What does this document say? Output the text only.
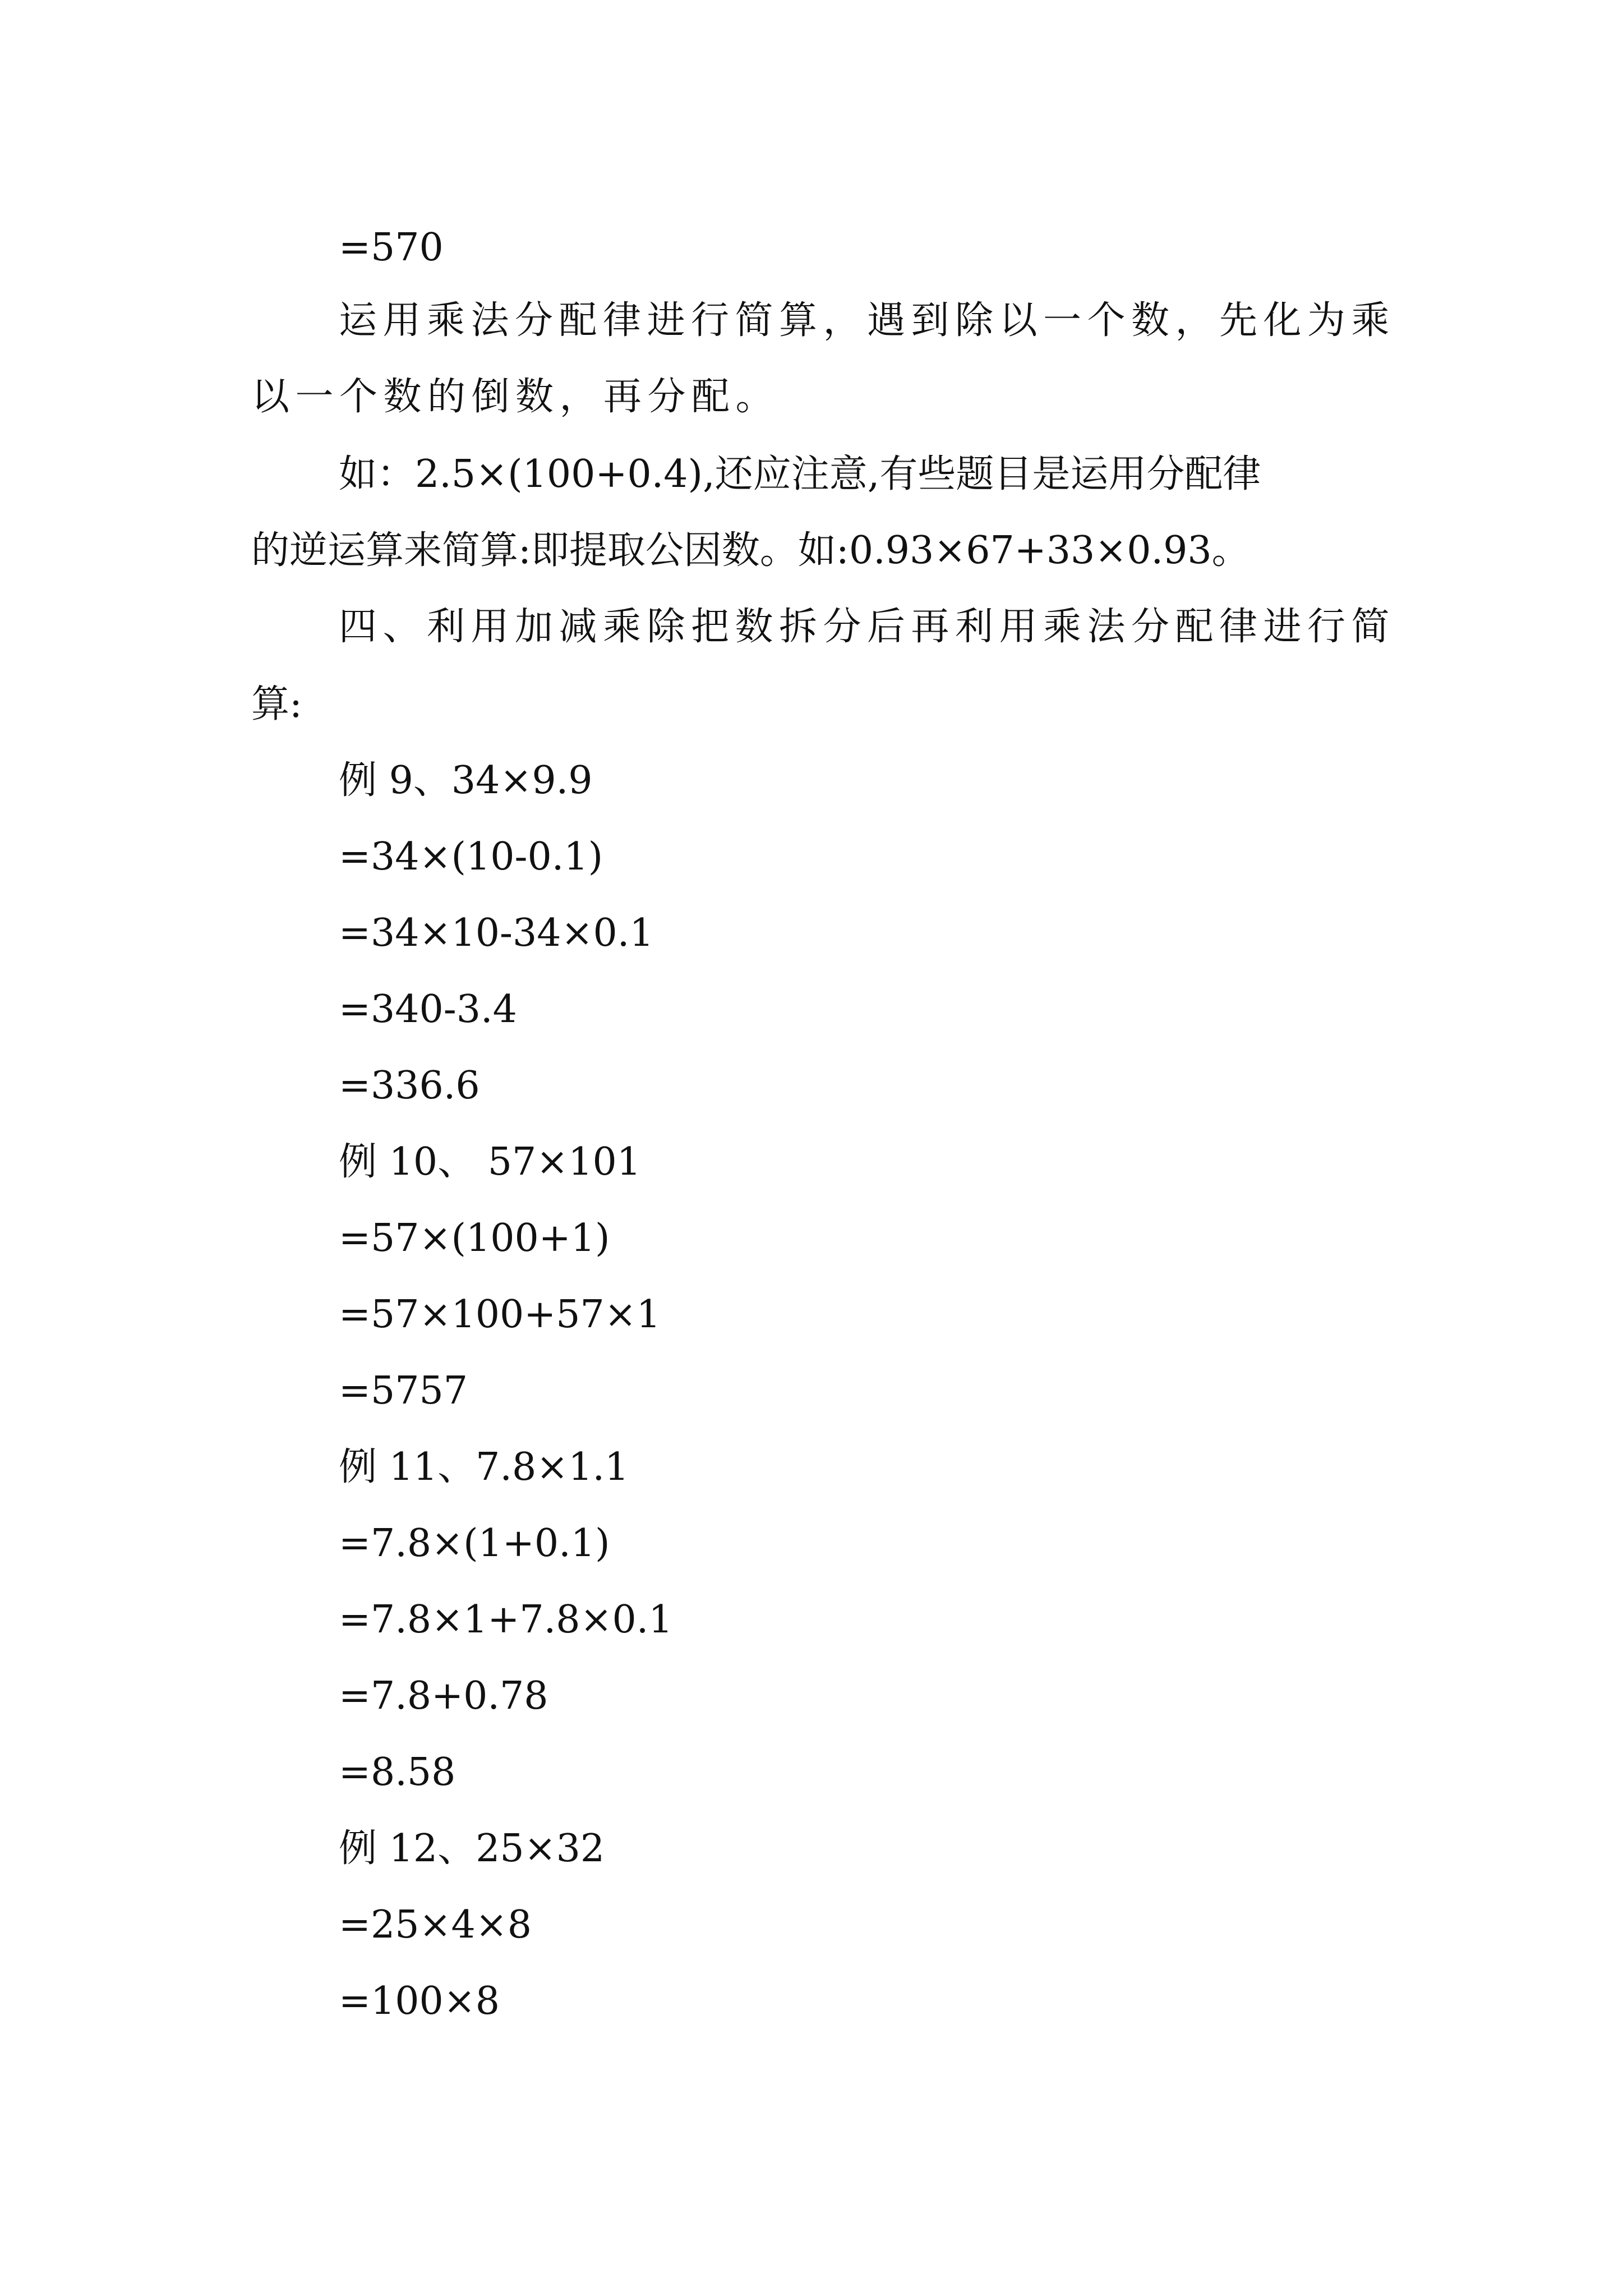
=570
运用乘法分配律进行简算，遇到除以一个数，先化为乘
以一个数的倒数，再分配。
如：2.5×(100+0.4),还应注意,有些题目是运用分配律
的逆运算来简算:即提取公因数。如:0.93×67+33×0.93。
四、利用加减乘除把数拆分后再利用乘法分配律进行简
算:
例 9、34×9.9
=34×(10-0.1)
=34×10-34×0.1
=340-3.4
=336.6
例 10、 57×101
=57×(100+1)
=57×100+57×1
=5757
例 11、7.8×1.1
=7.8×(1+0.1)
=7.8×1+7.8×0.1
=7.8+0.78
=8.58
例 12、25×32
=25×4×8
=100×8
